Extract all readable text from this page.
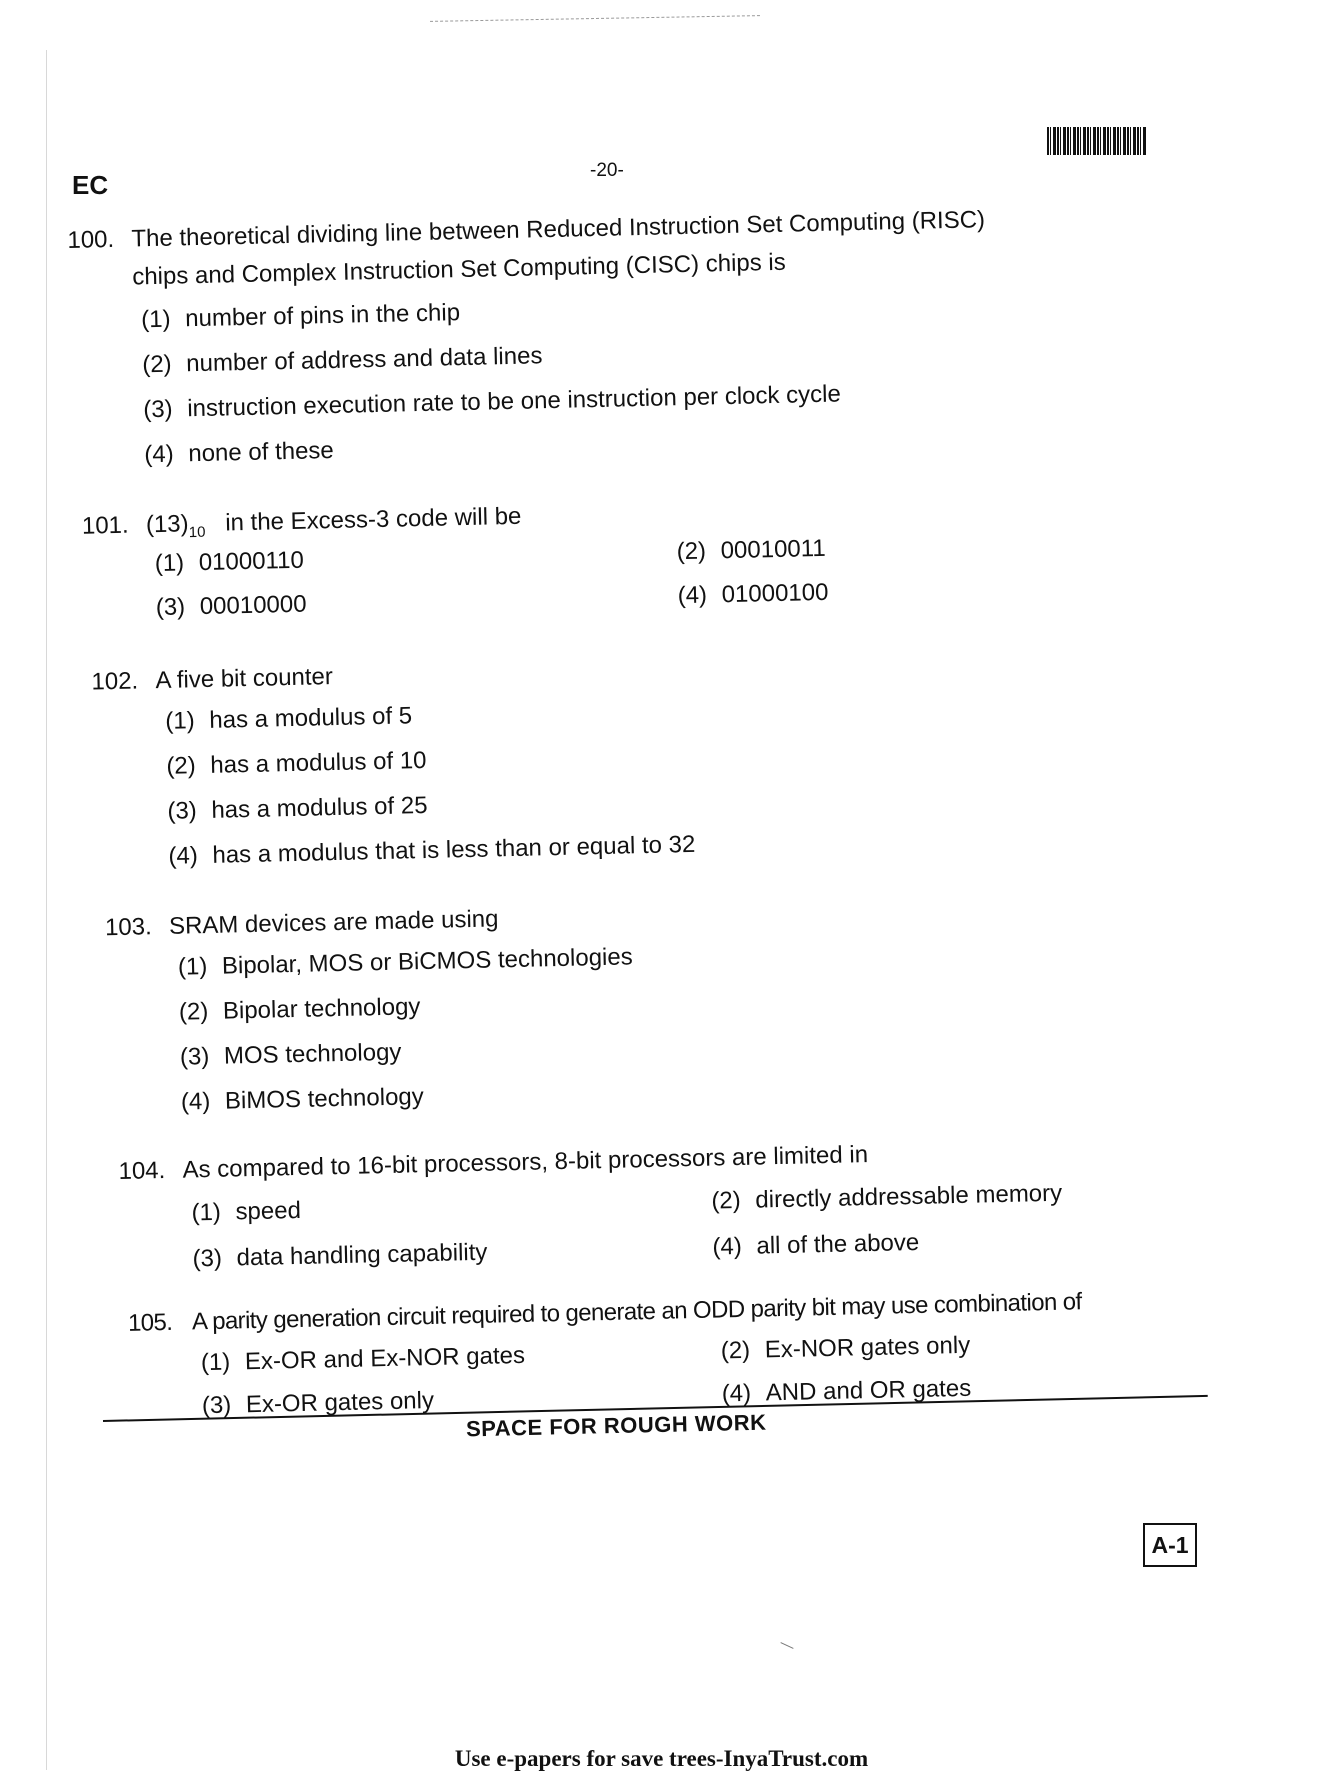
EC	-20-
100. The theoretical dividing line between Reduced Instruction Set Computing (RISC)
chips and Complex Instruction Set Computing (CISC) chips is
(1) number of pins in the chip
(2) number of address and data lines
(3) instruction execution rate to be one instruction per clock cycle
(4) none of these
101. $(13)_{10}$ in the Excess-3 code will be
(1) 01000110	(2) 00010011
(3) 00010000	(4) 01000100
102. A five bit counter
(1) has a modulus of 5
(2) has a modulus of 10
(3) has a modulus of 25
(4) has a modulus that is less than or equal to 32
103. SRAM devices are made using
(1) Bipolar, MOS or BiCMOS technologies
(2) Bipolar technology
(3) MOS technology
(4) BiMOS technology
104. As compared to 16-bit processors, 8-bit processors are limited in
(1) speed	(2) directly addressable memory
(3) data handling capability	(4) all of the above
105. A parity generation circuit required to generate an ODD parity bit may use combination of
(1) Ex-OR and Ex-NOR gates	(2) Ex-NOR gates only
(3) Ex-OR gates only	(4) AND and OR gates
SPACE FOR ROUGH WORK
A-1
Use e-papers for save trees-InyaTrust.com
